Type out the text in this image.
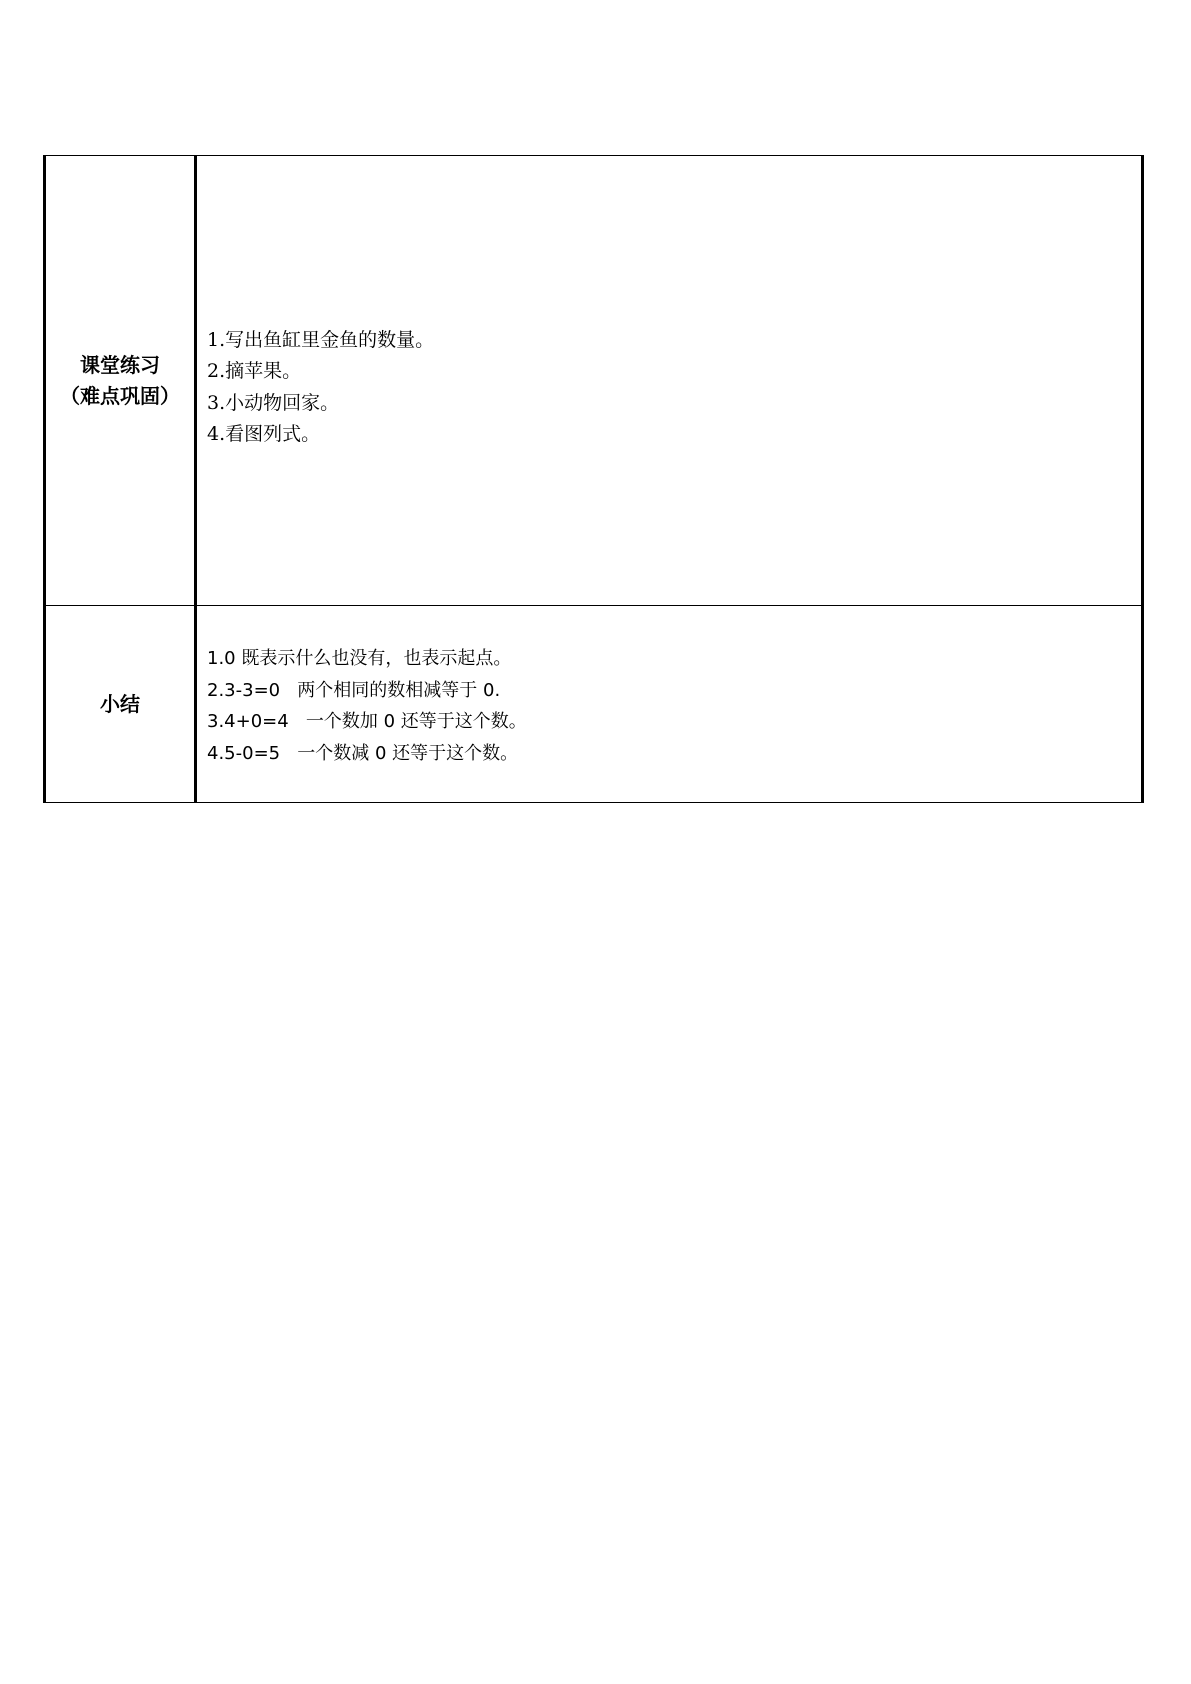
课堂练习
（难点巩固）	1.写出鱼缸里金鱼的数量。
2.摘苹果。
3.小动物回家。
4.看图列式。

小结	1.0 既表示什么也没有，也表示起点。
2.3-3=0   两个相同的数相减等于 0.
3.4+0=4   一个数加 0 还等于这个数。
4.5-0=5   一个数减 0 还等于这个数。
